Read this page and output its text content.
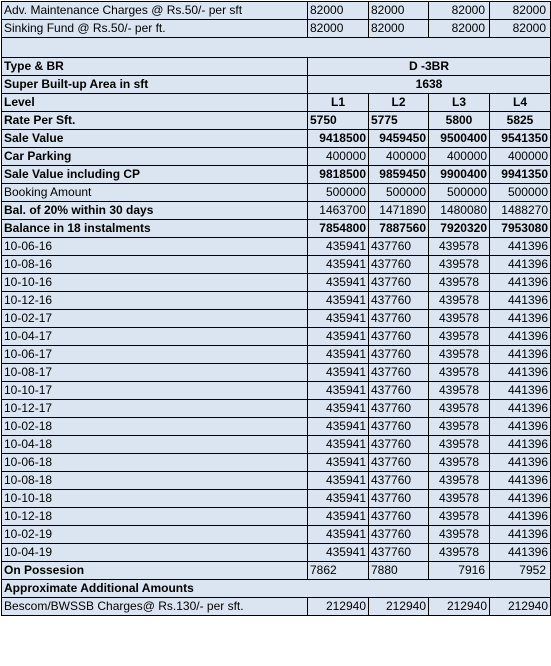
Adv. Maintenance Charges @ Rs.50/- per sft	82000	82000	82000	82000
Sinking Fund @ Rs.50/- per ft.	82000	82000	82000	82000

Type & BR	D -3BR			
Super Built-up Area in sft	1638			
Level	L1	L2	L3	L4
Rate Per Sft.	5750	5775	5800	5825
Sale Value	9418500	9459450	9500400	9541350
Car Parking	400000	400000	400000	400000
Sale Value including CP	9818500	9859450	9900400	9941350
Booking Amount	500000	500000	500000	500000
Bal. of 20% within 30 days	1463700	1471890	1480080	1488270
Balance in 18 instalments	7854800	7887560	7920320	7953080
10-06-16	435941	437760	439578	441396
10-08-16	435941	437760	439578	441396
10-10-16	435941	437760	439578	441396
10-12-16	435941	437760	439578	441396
10-02-17	435941	437760	439578	441396
10-04-17	435941	437760	439578	441396
10-06-17	435941	437760	439578	441396
10-08-17	435941	437760	439578	441396
10-10-17	435941	437760	439578	441396
10-12-17	435941	437760	439578	441396
10-02-18	435941	437760	439578	441396
10-04-18	435941	437760	439578	441396
10-06-18	435941	437760	439578	441396
10-08-18	435941	437760	439578	441396
10-10-18	435941	437760	439578	441396
10-12-18	435941	437760	439578	441396
10-02-19	435941	437760	439578	441396
10-04-19	435941	437760	439578	441396
On Possesion	7862	7880	7916	7952
Approximate Additional Amounts				
Bescom/BWSSB Charges@ Rs.130/- per sft.	212940	212940	212940	212940
